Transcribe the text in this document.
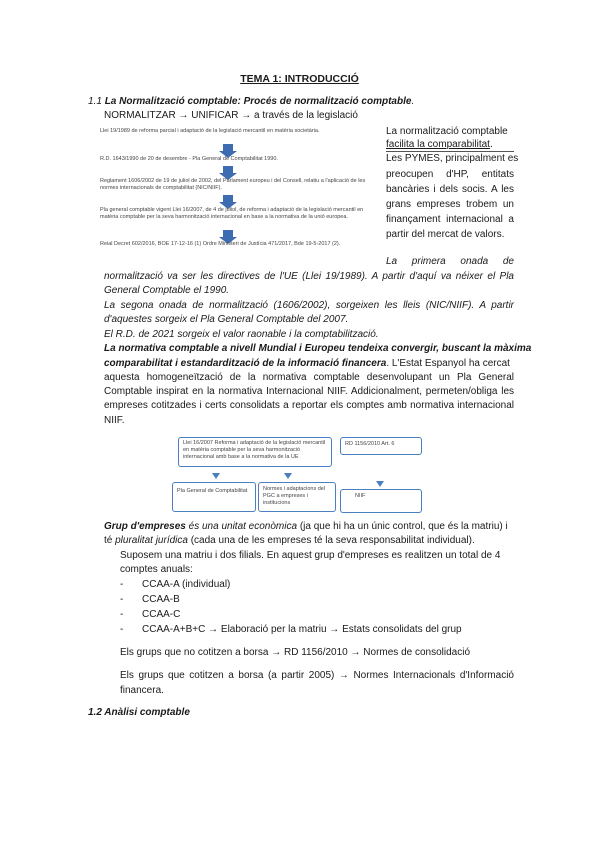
TEMA 1: INTRODUCCIÓ
1.1 La Normalització comptable: Procés de normalització comptable.
NORMALITZAR → UNIFICAR → a través de la legislació
Llei 19/1989 de reforma parcial i adaptació de la legislació mercantil en matèria societària.
R.D. 1643/1990 de 20 de desembre - Pla General de Comptabilitat 1990.
Reglament 1606/2002 de 19 de juliol de 2002, del Parlament europeu i del Consell, relatiu a l'aplicació de les normes internacionals de comptabilitat (NIC/NIIF).
Pla general comptable vigent Llei 16/2007, de 4 de juliol, de reforma i adaptació de la legislació mercantil en matèria comptable per la seva harmonització internacional en base a la normativa de la unió europea.
Reial Decret 602/2016, BOE 17-12-16 (1) Ordre Ministeri de Justícia 471/2017, Bde 19-5-2017 (2).
La normalització comptable
facilita la comparabilitat.
Les PYMES, principalment es
preocupen d'HP, entitats
bancàries i dels socis. A les
grans empreses trobem un
finançament internacional a
partir del mercat de valors.
La primera onada de
normalització va ser les directives de l'UE (Llei 19/1989). A partir d'aquí va néixer el Pla
General Comptable el 1990.
La segona onada de normalització (1606/2002), sorgeixen les lleis (NIC/NIIF). A partir
d'aquestes sorgeix el Pla General Comptable del 2007.
El R.D. de 2021 sorgeix el valor raonable i la comptabilització.
La normativa comptable a nivell Mundial i Europeu tendeixa convergir, buscant la màxima
comparabilitat i estandardització de la informació financera. L'Estat Espanyol ha cercat
aquesta homogeneïtzació de la normativa comptable desenvolupant un Pla General
Comptable inspirat en la normativa Internacional NIIF. Addicionalment, permeten/obliga les
empreses cotitzades i certs consolidats a reportar els comptes amb normativa internacional
NIIF.
Llei 16/2007 Reforma i adaptació de la legislació mercantil en matèria comptable per la seva harmonització internacional amb base a la normativa de la UE
Pla General de Comptabilitat	Normes i adaptacions del PGC a empreses i institucions
RD 1156/2010 Art. 6
NIIF
Grup d'empreses és una unitat econòmica (ja que hi ha un únic control, que és la matriu) i
té pluralitat jurídica (cada una de les empreses té la seva responsabilitat individual).
Suposem una matriu i dos filials. En aquest grup d'empreses es realitzen un total de 4
comptes anuals:
- CCAA-A (individual)
- CCAA-B
- CCAA-C
- CCAA-A+B+C → Elaboració per la matriu → Estats consolidats del grup
Els grups que no cotitzen a borsa → RD 1156/2010 → Normes de consolidació
Els grups que cotitzen a borsa (a partir 2005) → Normes Internacionals d'Informació
financera.
1.2 Anàlisi comptable
